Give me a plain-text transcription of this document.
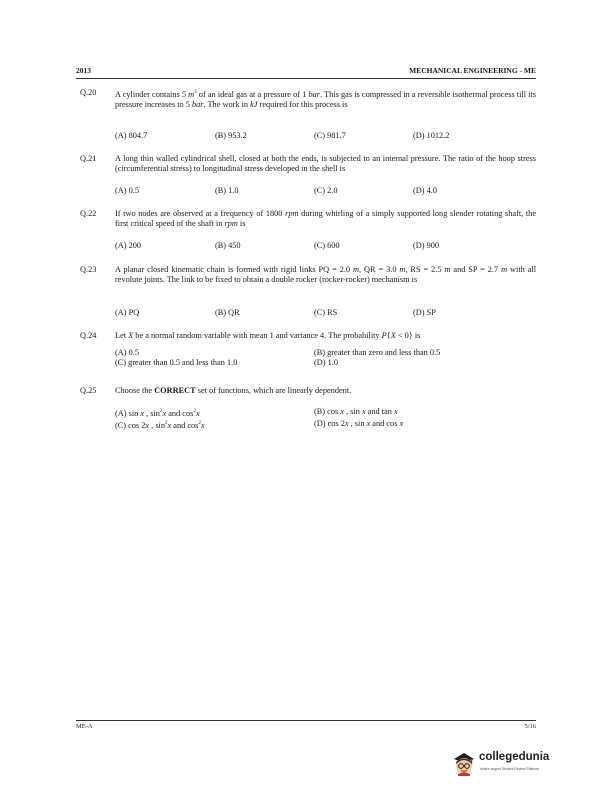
2013	MECHANICAL ENGINEERING - ME
Q.20 A cylinder contains 5 $m^3$ of an ideal gas at a pressure of 1 bar. This gas is compressed in a reversible isothermal process till its pressure increases to 5 bar. The work in kJ required for this process is
(A) 804.7	(B) 953.2	(C) 981.7	(D) 1012.2
Q.21 A long thin walled cylindrical shell, closed at both the ends, is subjected to an internal pressure. The ratio of the hoop stress (circumferential stress) to longitudinal stress developed in the shell is
(A) 0.5	(B) 1.0	(C) 2.0	(D) 4.0
Q.22 If two nodes are observed at a frequency of 1800 rpm during whirling of a simply supported long slender rotating shaft, the first critical speed of the shaft in rpm is
(A) 200	(B) 450	(C) 600	(D) 900
Q.23 A planar closed kinematic chain is formed with rigid links PQ = 2.0 m, QR = 3.0 m, RS = 2.5 m and SP = 2.7 m with all revolute joints. The link to be fixed to obtain a double rocker (rocker-rocker) mechanism is
(A) PQ	(B) QR	(C) RS	(D) SP
Q.24 Let X be a normal random variable with mean 1 and variance 4. The probability P{X < 0} is
(A) 0.5	(B) greater than zero and less than 0.5
(C) greater than 0.5 and less than 1.0	(D) 1.0
Q.25 Choose the CORRECT set of functions, which are linearly dependent.
(A) sin x , $\sin^2x$ and $\cos^2x$	(B) cos x , sin x and tan x
(C) cos 2x , $\sin^2x$ and $\cos^2x$	(D) cos 2x , sin x and cos x
ME-A	5/16
collegedunia
India's largest Student Review Platform
